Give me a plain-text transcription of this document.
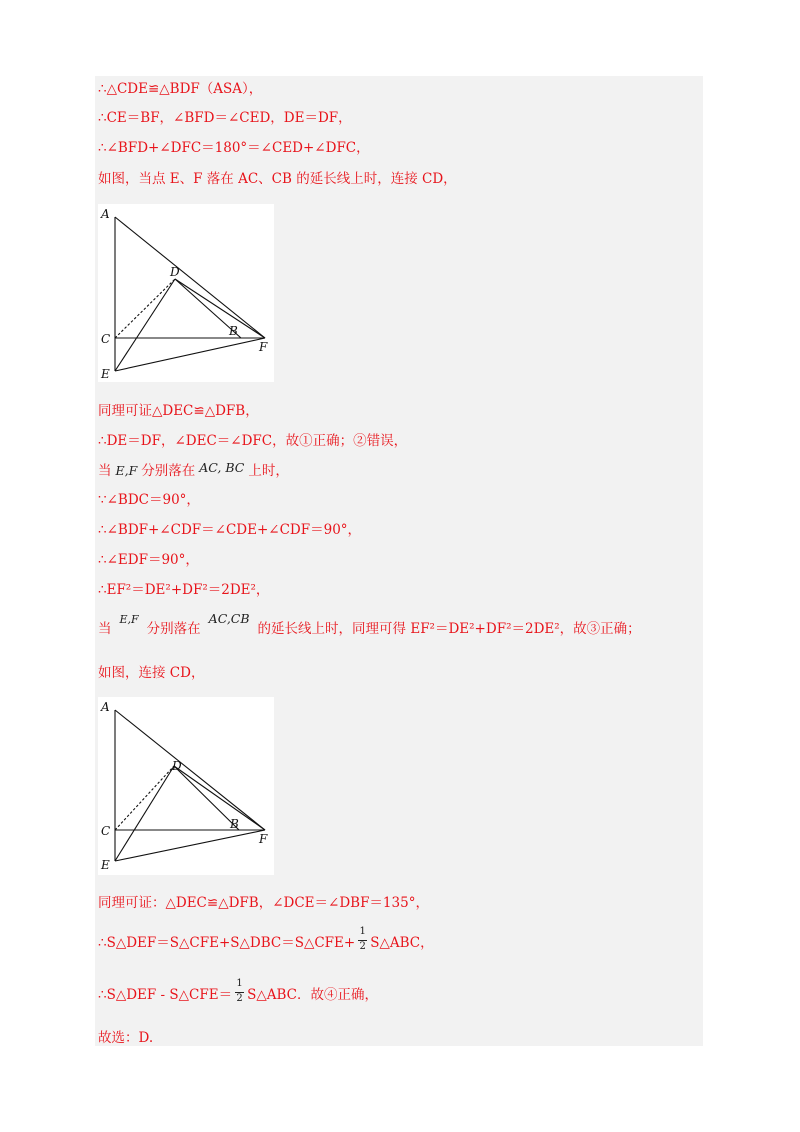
∴△CDE≌△BDF（ASA），
∴CE＝BF，∠BFD＝∠CED，DE＝DF，
∴∠BFD+∠DFC＝180°＝∠CED+∠DFC，
如图，当点 E、F 落在 AC、CB 的延长线上时，连接 CD，
A
D
C
B
F
E
同理可证△DEC≌△DFB，
∴DE＝DF，∠DEC＝∠DFC，故①正确；②错误，
当 E,F 分别落在 AC, BC 上时，
∵∠BDC＝90°，
∴∠BDF+∠CDF＝∠CDE+∠CDF＝90°，
∴∠EDF＝90°，
∴EF²＝DE²+DF²＝2DE²，
当$^{E,F}$分别落在AC,CB的延长线上时，同理可得 EF²＝DE²+DF²＝2DE²，故③正确；
如图，连接 CD，
A
D
C	B
F
E
同理可证：△DEC≌△DFB，∠DCE＝∠DBF＝135°，
∴S△DEF＝S△CFE+S△DBC＝S△CFE+ $\frac{1}{2}$ S△ABC，
∴S△DEF - S△CFE＝ $\frac{1}{2}$ S△ABC．故④正确，
故选：D.
